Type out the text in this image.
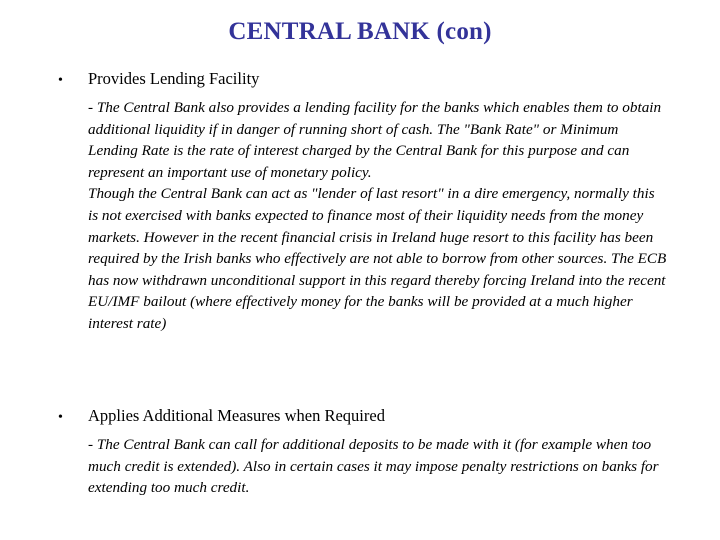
CENTRAL BANK (con)
•	Provides Lending Facility

- The Central Bank also provides a lending facility for the banks which enables them to obtain additional liquidity if in danger of running short of cash. The "Bank Rate" or Minimum Lending Rate is the rate of interest charged by the Central Bank for this purpose and can represent an important use of monetary policy.

Though the Central Bank can act as "lender of last resort" in a dire emergency, normally this is not exercised with banks expected to finance most of their liquidity needs from the money markets. However in the recent financial crisis in Ireland huge resort to this facility has been required by the Irish banks who effectively are not able to borrow from other sources. The ECB has now withdrawn unconditional support in this regard thereby forcing Ireland into the recent EU/IMF bailout (where effectively money for the banks will be provided at a much higher interest rate)

•	Applies Additional Measures when Required

- The Central Bank can call for additional deposits to be made with it (for example when too much credit is extended). Also in certain cases it may impose penalty restrictions on banks for extending too much credit.
